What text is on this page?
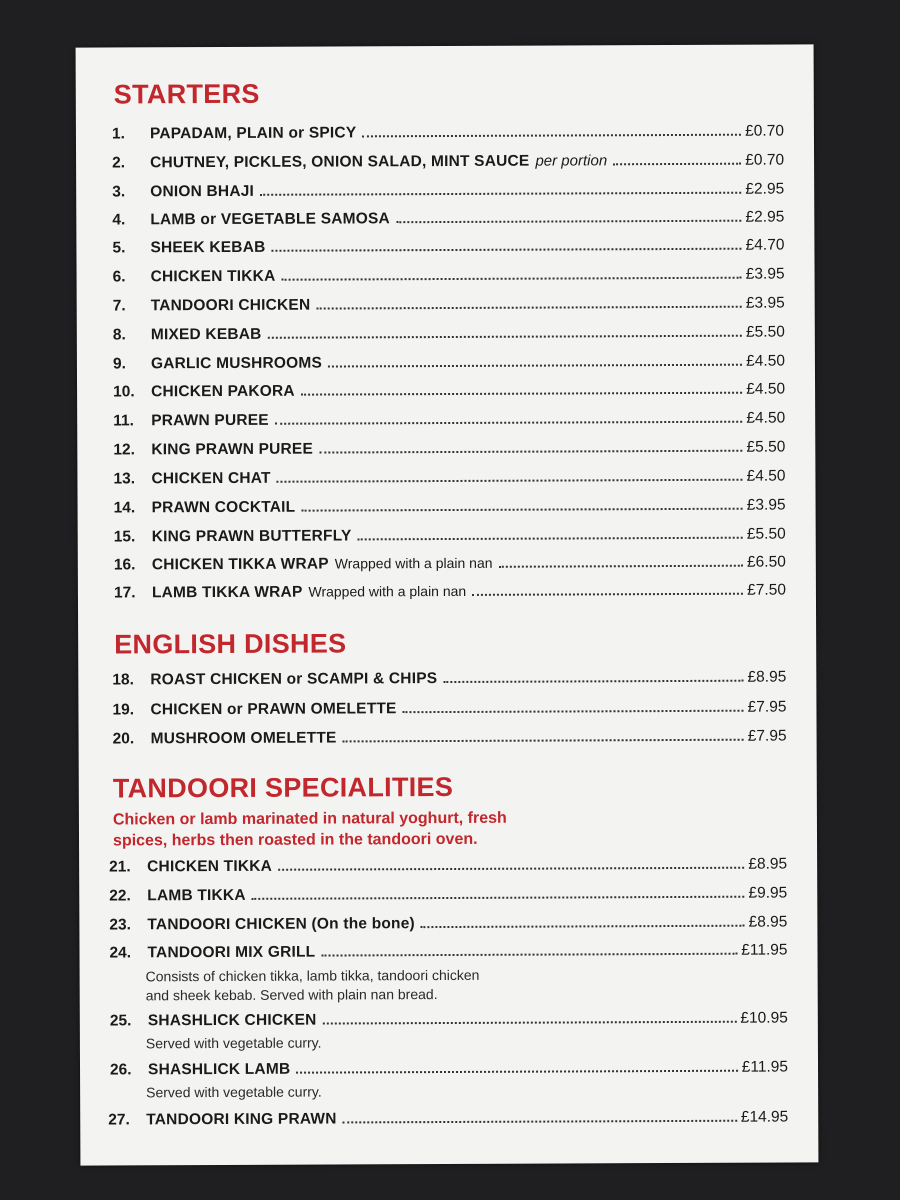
STARTERS
1.	PAPADAM, PLAIN or SPICY	£0.70
2.	CHUTNEY, PICKLES, ONION SALAD, MINT SAUCE per portion	£0.70
3.	ONION BHAJI	£2.95
4.	LAMB or VEGETABLE SAMOSA	£2.95
5.	SHEEK KEBAB	£4.70
6.	CHICKEN TIKKA	£3.95
7.	TANDOORI CHICKEN	£3.95
8.	MIXED KEBAB	£5.50
9.	GARLIC MUSHROOMS	£4.50
10.	CHICKEN PAKORA	£4.50
11.	PRAWN PUREE	£4.50
12.	KING PRAWN PUREE	£5.50
13.	CHICKEN CHAT	£4.50
14.	PRAWN COCKTAIL	£3.95
15.	KING PRAWN BUTTERFLY	£5.50
16.	CHICKEN TIKKA WRAP Wrapped with a plain nan	£6.50
17.	LAMB TIKKA WRAP Wrapped with a plain nan	£7.50
ENGLISH DISHES
18.	ROAST CHICKEN or SCAMPI & CHIPS	£8.95
19.	CHICKEN or PRAWN OMELETTE	£7.95
20.	MUSHROOM OMELETTE	£7.95
TANDOORI SPECIALITIES

Chicken or lamb marinated in natural yoghurt, fresh

spices, herbs then roasted in the tandoori oven.

21.	CHICKEN TIKKA	£8.95
22.	LAMB TIKKA	£9.95
23.	TANDOORI CHICKEN (On the bone)	£8.95
24.	TANDOORI MIX GRILL	£11.95

Consists of chicken tikka, lamb tikka, tandoori chicken

and sheek kebab. Served with plain nan bread.

25.	SHASHLICK CHICKEN	£10.95

Served with vegetable curry.

26.	SHASHLICK LAMB	£11.95

Served with vegetable curry.

27.	TANDOORI KING PRAWN	£14.95
